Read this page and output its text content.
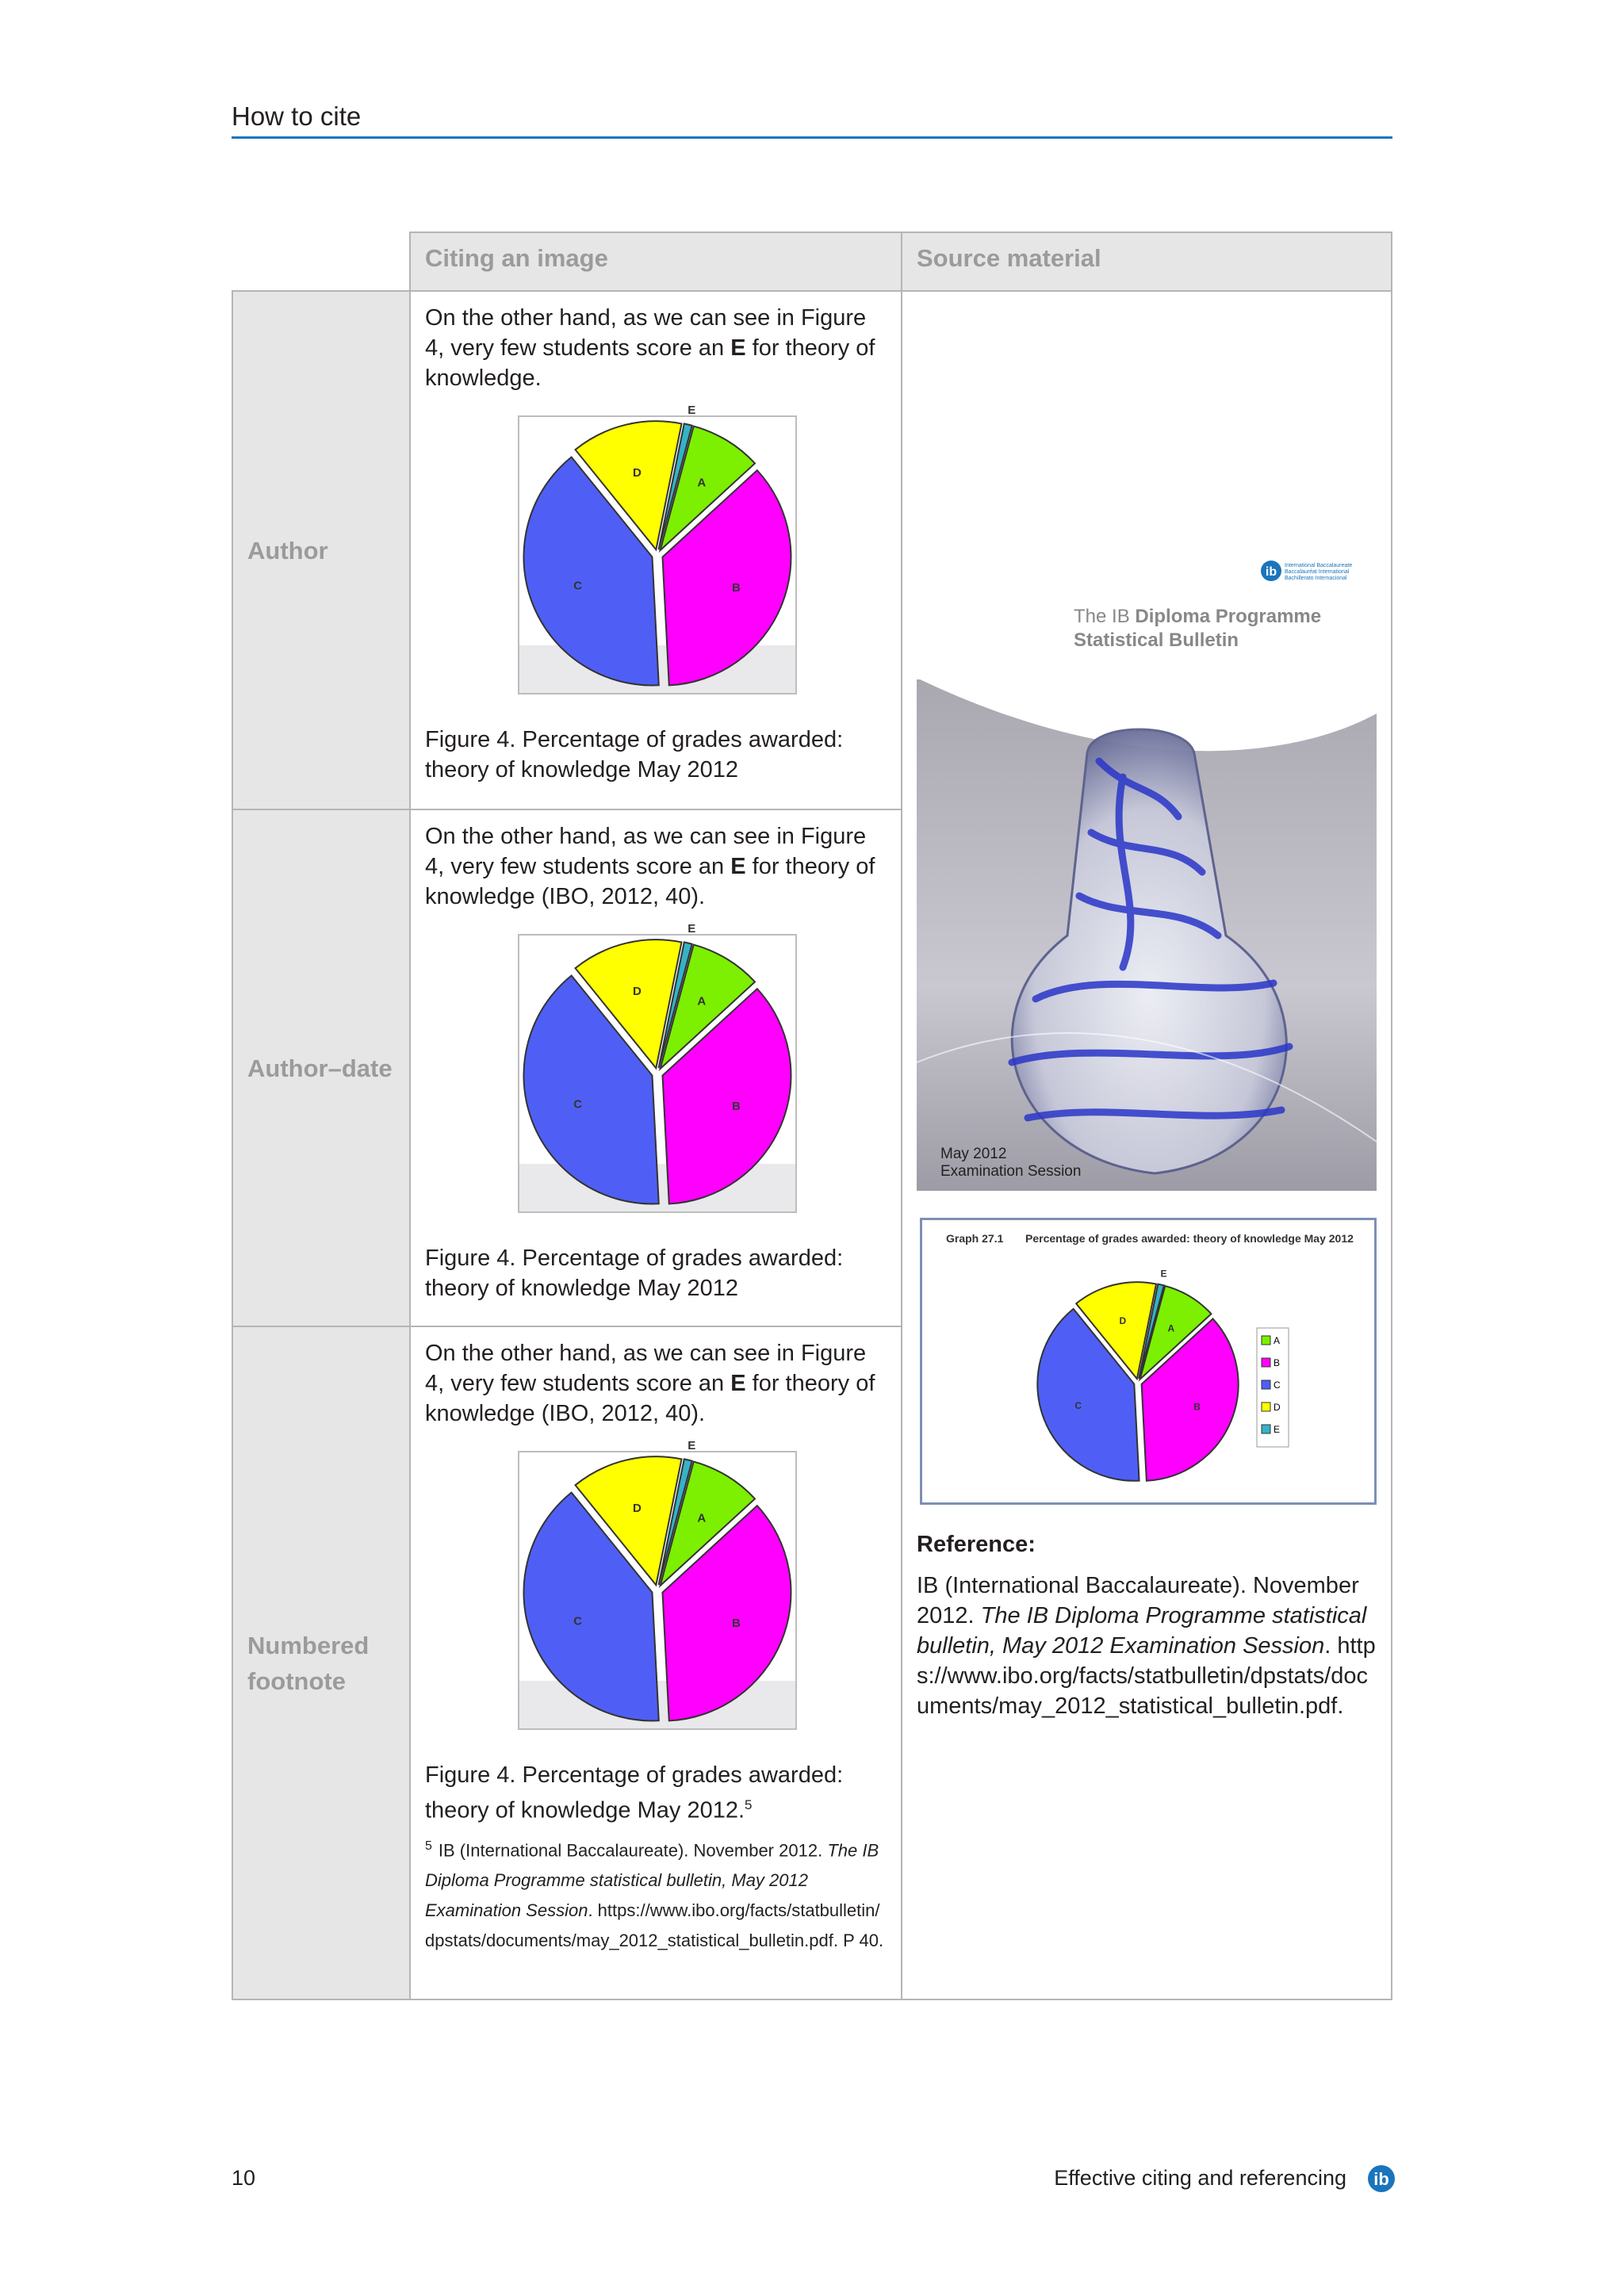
How to cite
Citing an image	Source material
Author
Author–date
Numbered footnote

On the other hand, as we can see in Figure 4, very few students score an E for theory of knowledge.

E
A
B
C
D
Figure 4. Percentage of grades awarded: theory of knowledge May 2012

On the other hand, as we can see in Figure 4, very few students score an E for theory of knowledge (IBO, 2012, 40).

E
A
B
C
D
Figure 4. Percentage of grades awarded: theory of knowledge May 2012

On the other hand, as we can see in Figure 4, very few students score an E for theory of knowledge (IBO, 2012, 40).

E
A
B
C
D
Figure 4. Percentage of grades awarded: theory of knowledge May 2012.$^5$
$^5$ IB (International Baccalaureate). November 2012. The IB Diploma Programme statistical bulletin, May 2012 Examination Session. https://www.ibo.org/facts/statbulletin/dpstats/documents/may_2012_statistical_bulletin.pdf. P 40.
ib International Baccalaureate
Baccalauréat International
Bachillerato Internacional
The IB Diploma Programme
Statistical Bulletin
May 2012
Examination Session
Graph 27.1 Percentage of grades awarded: theory of knowledge May 2012
E
A
B
C
D
A
B
C
D
E
Reference:
IB (International Baccalaureate). November 2012. The IB Diploma Programme statistical bulletin, May 2012 Examination Session. https://www.ibo.org/facts/statbulletin/dpstats/documents/may_2012_statistical_bulletin.pdf.
10	Effective citing and referencing ib
